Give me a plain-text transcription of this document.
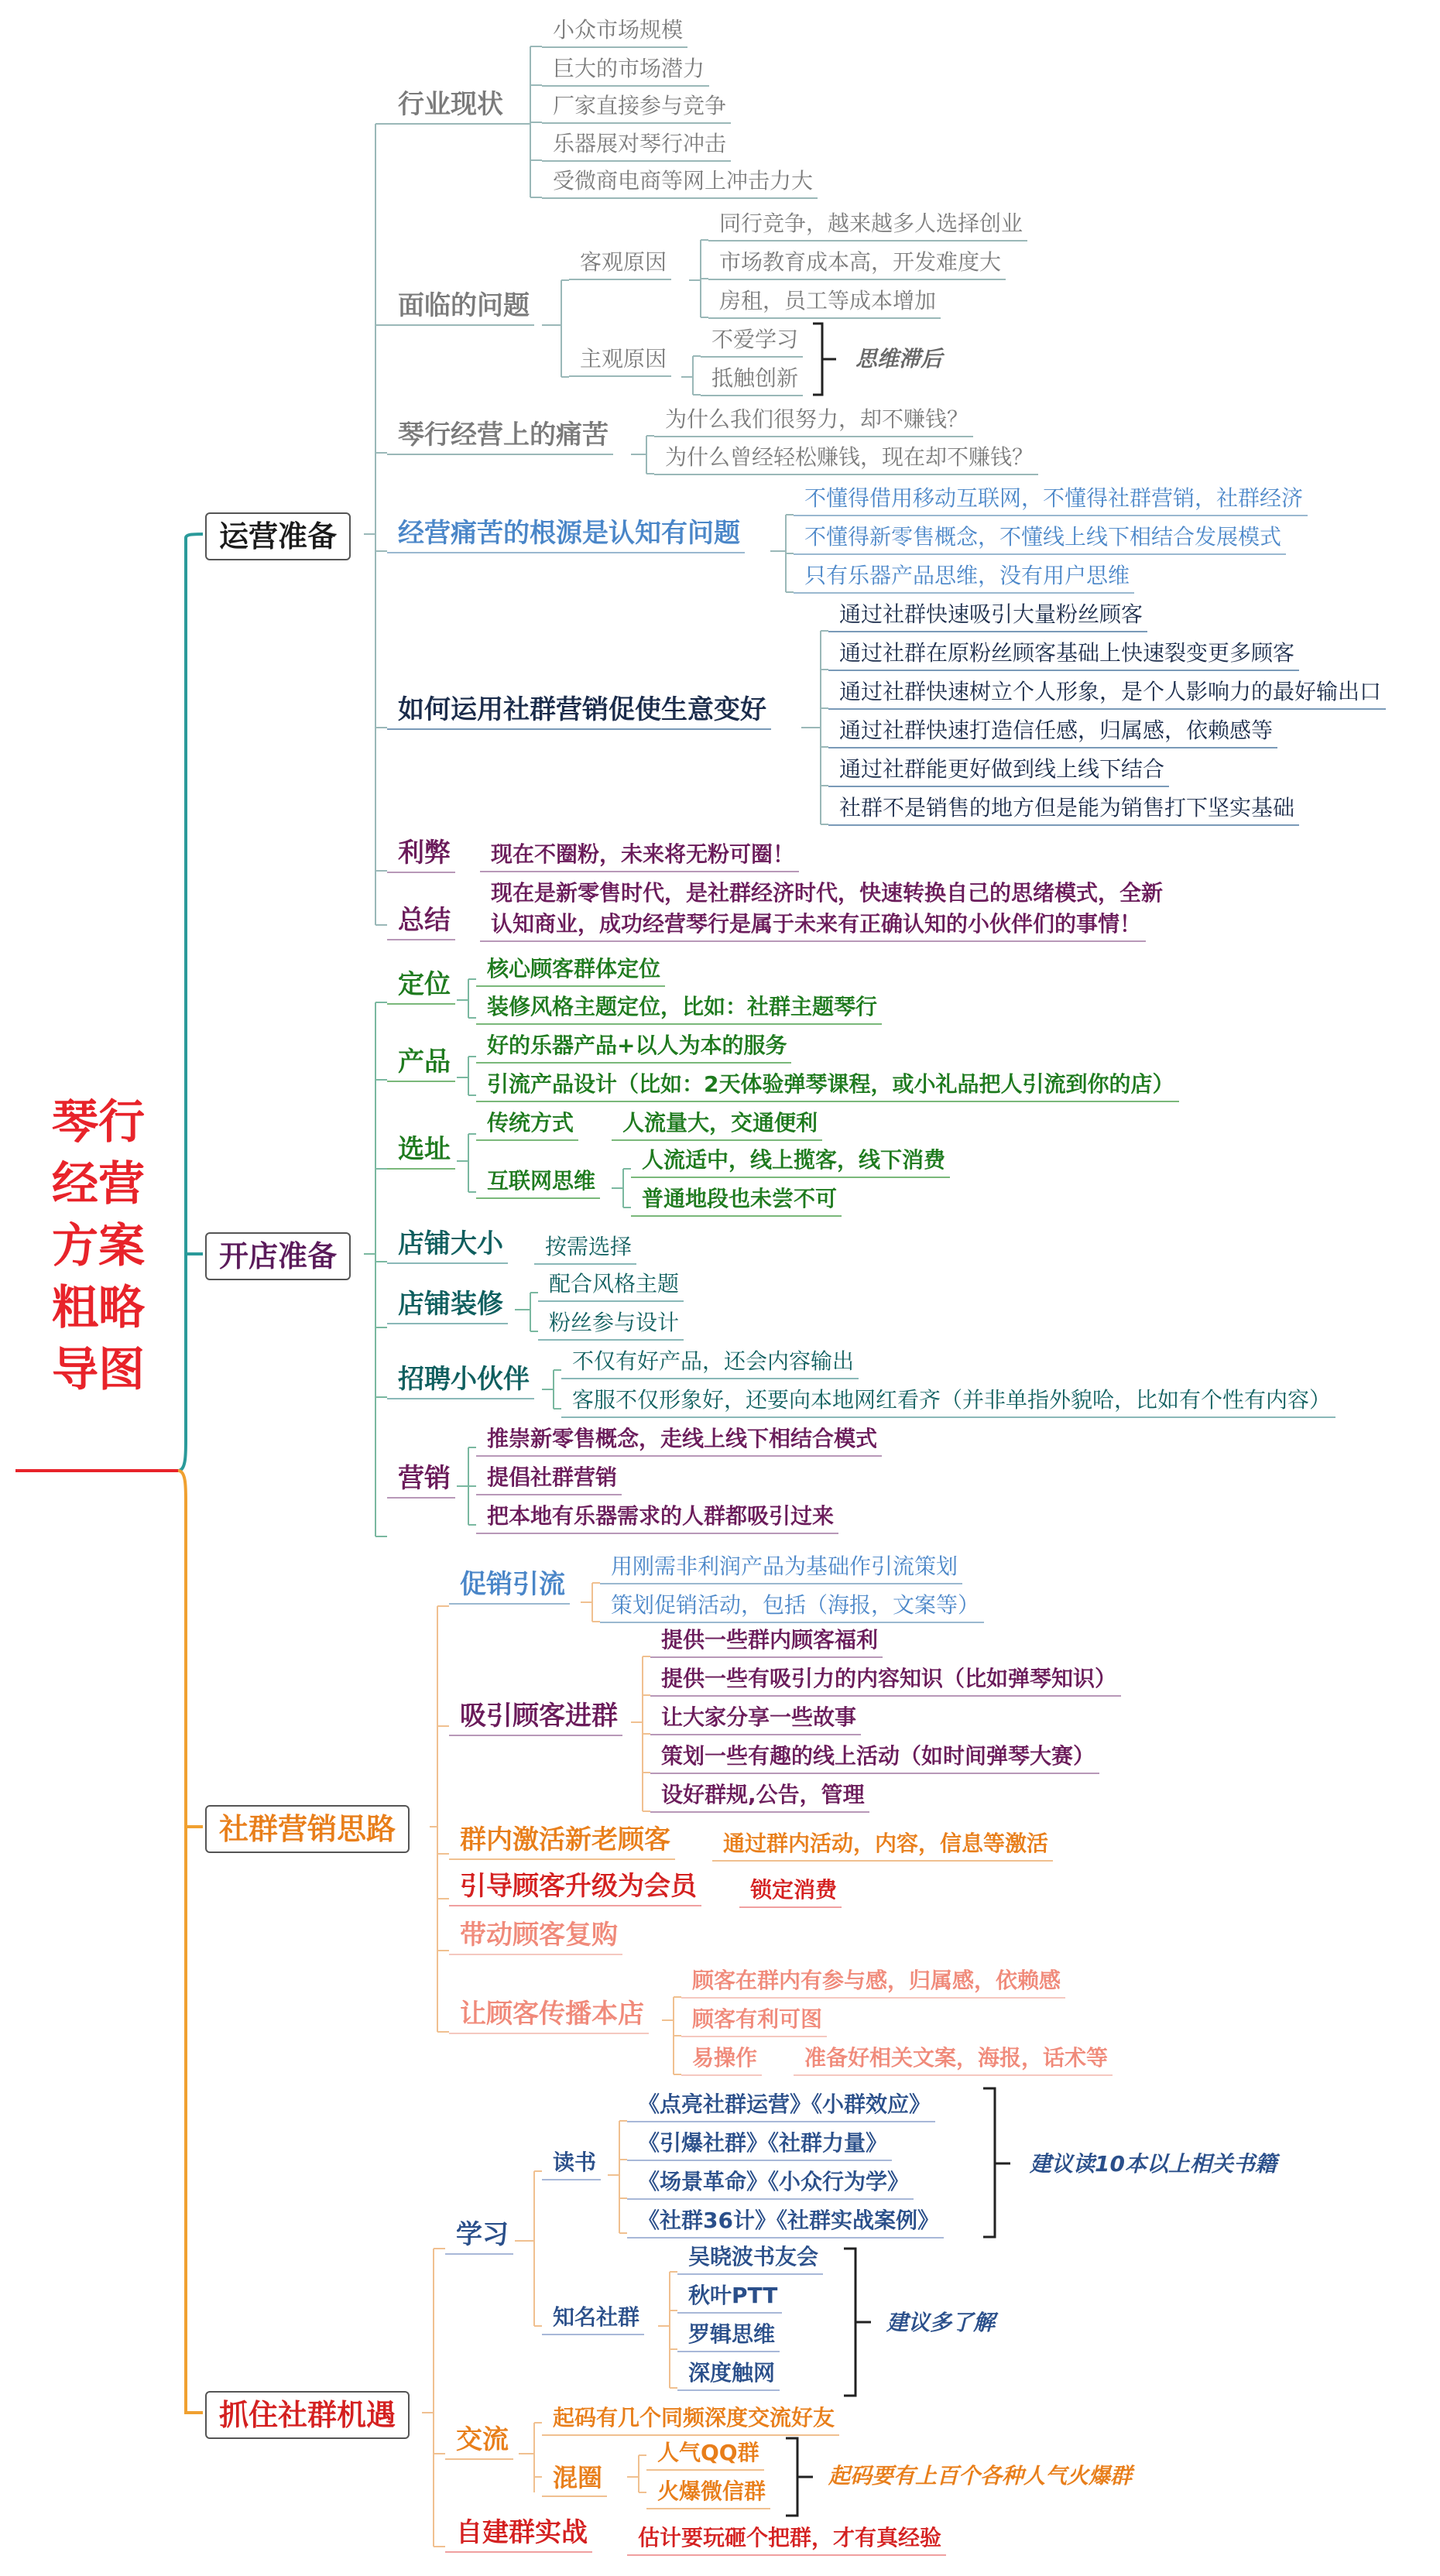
琴行
经营
方案
粗略
导图
运营准备
开店准备
社群营销思路
抓住社群机遇
行业现状
小众市场规模
巨大的市场潜力
厂家直接参与竞争
乐器展对琴行冲击
受微商电商等网上冲击力大
面临的问题
客观原因
同行竞争，越来越多人选择创业
市场教育成本高，开发难度大
房租，员工等成本增加
主观原因
不爱学习
抵触创新
思维滞后
琴行经营上的痛苦
为什么我们很努力，却不赚钱？
为什么曾经轻松赚钱，现在却不赚钱？
经营痛苦的根源是认知有问题
不懂得借用移动互联网，不懂得社群营销，社群经济
不懂得新零售概念，不懂线上线下相结合发展模式
只有乐器产品思维，没有用户思维
如何运用社群营销促使生意变好
通过社群快速吸引大量粉丝顾客
通过社群在原粉丝顾客基础上快速裂变更多顾客
通过社群快速树立个人形象，是个人影响力的最好输出口
通过社群快速打造信任感，归属感，依赖感等
通过社群能更好做到线上线下结合
社群不是销售的地方但是能为销售打下坚实基础
利弊	现在不圈粉，未来将无粉可圈！
总结
现在是新零售时代，是社群经济时代，快速转换自己的思绪模式，全新
认知商业，成功经营琴行是属于未来有正确认知的小伙伴们的事情！
定位
核心顾客群体定位
装修风格主题定位，比如：社群主题琴行
产品
好的乐器产品+以人为本的服务
引流产品设计（比如：2天体验弹琴课程，或小礼品把人引流到你的店）
选址
传统方式	人流量大，交通便利
互联网思维
人流适中，线上揽客，线下消费
普通地段也未尝不可
店铺大小	按需选择
店铺装修
配合风格主题
粉丝参与设计
招聘小伙伴
不仅有好产品，还会内容输出
客服不仅形象好，还要向本地网红看齐（并非单指外貌哈，比如有个性有内容）
营销
推崇新零售概念，走线上线下相结合模式
提倡社群营销
把本地有乐器需求的人群都吸引过来
促销引流
用刚需非利润产品为基础作引流策划
策划促销活动，包括（海报，文案等）
吸引顾客进群
提供一些群内顾客福利
提供一些有吸引力的内容知识（比如弹琴知识）
让大家分享一些故事
策划一些有趣的线上活动（如时间弹琴大赛）
设好群规,公告，管理
群内激活新老顾客	通过群内活动，内容，信息等激活
引导顾客升级为会员	锁定消费
带动顾客复购
让顾客传播本店
顾客在群内有参与感，归属感，依赖感
顾客有利可图
易操作	准备好相关文案，海报，话术等
学习
读书
《点亮社群运营》《小群效应》
《引爆社群》《社群力量》
《场景革命》《小众行为学》
《社群36计》《社群实战案例》
建议读10本以上相关书籍
知名社群
吴晓波书友会
秋叶PTT
罗辑思维
深度触网
建议多了解
交流
起码有几个同频深度交流好友
混圈
人气QQ群
火爆微信群
起码要有上百个各种人气火爆群
自建群实战	估计要玩砸个把群，才有真经验
